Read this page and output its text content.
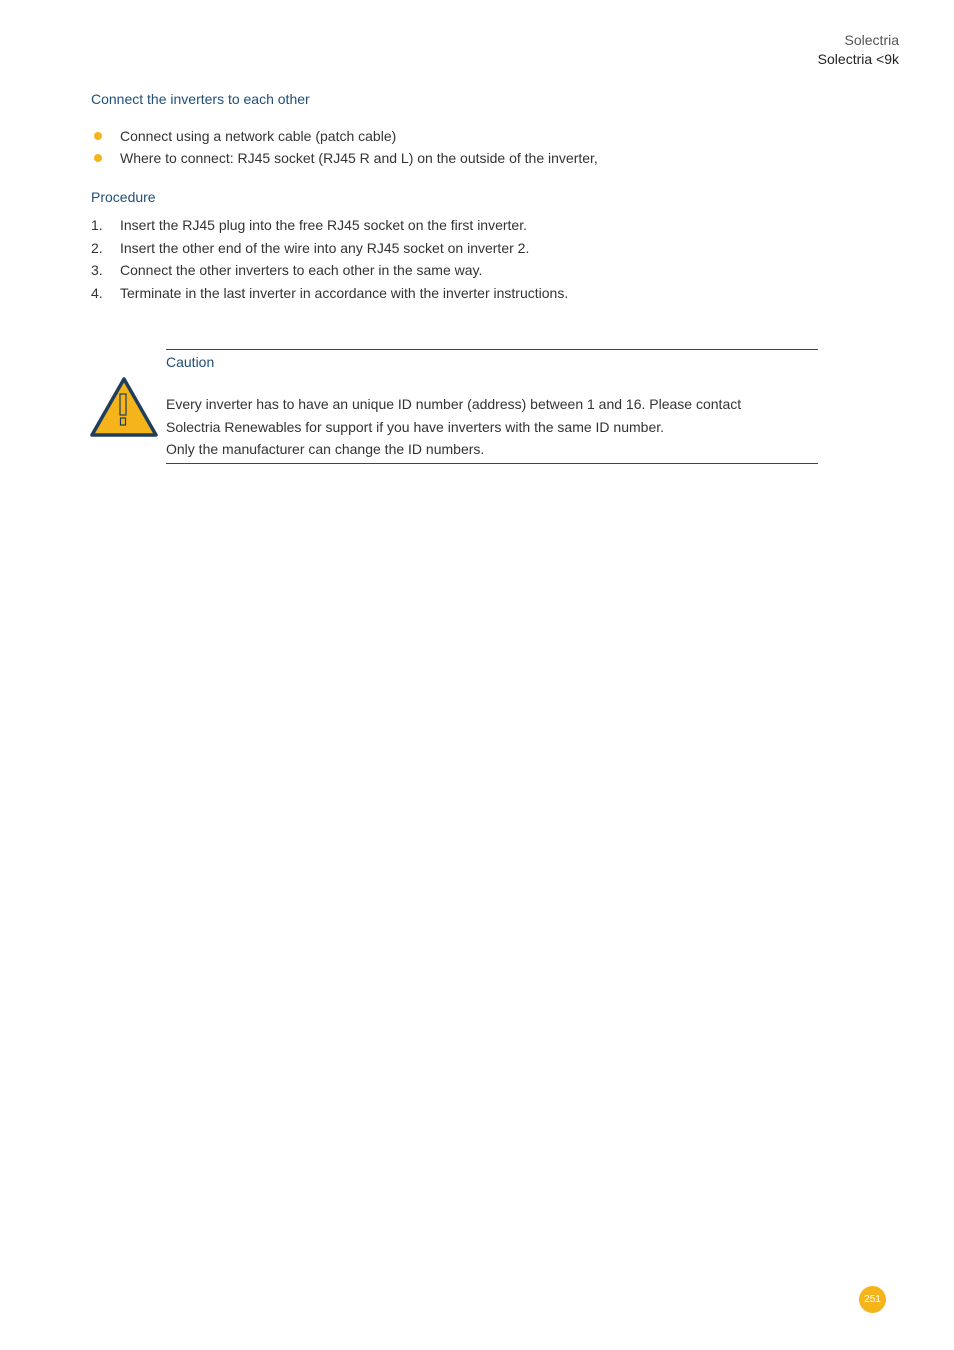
Solectria
Solectria <9k
Connect the inverters to each other
Connect using a network cable (patch cable)
Where to connect: RJ45 socket (RJ45 R and L) on the outside of the inverter,
Procedure
1. Insert the RJ45 plug into the free RJ45 socket on the first inverter.
2. Insert the other end of the wire into any RJ45 socket on inverter 2.
3. Connect the other inverters to each other in the same way.
4. Terminate in the last inverter in accordance with the inverter instructions.
Caution

Every inverter has to have an unique ID number (address) between 1 and 16. Please contact

Solectria Renewables for support if you have inverters with the same ID number.

Only the manufacturer can change the ID numbers.

251
